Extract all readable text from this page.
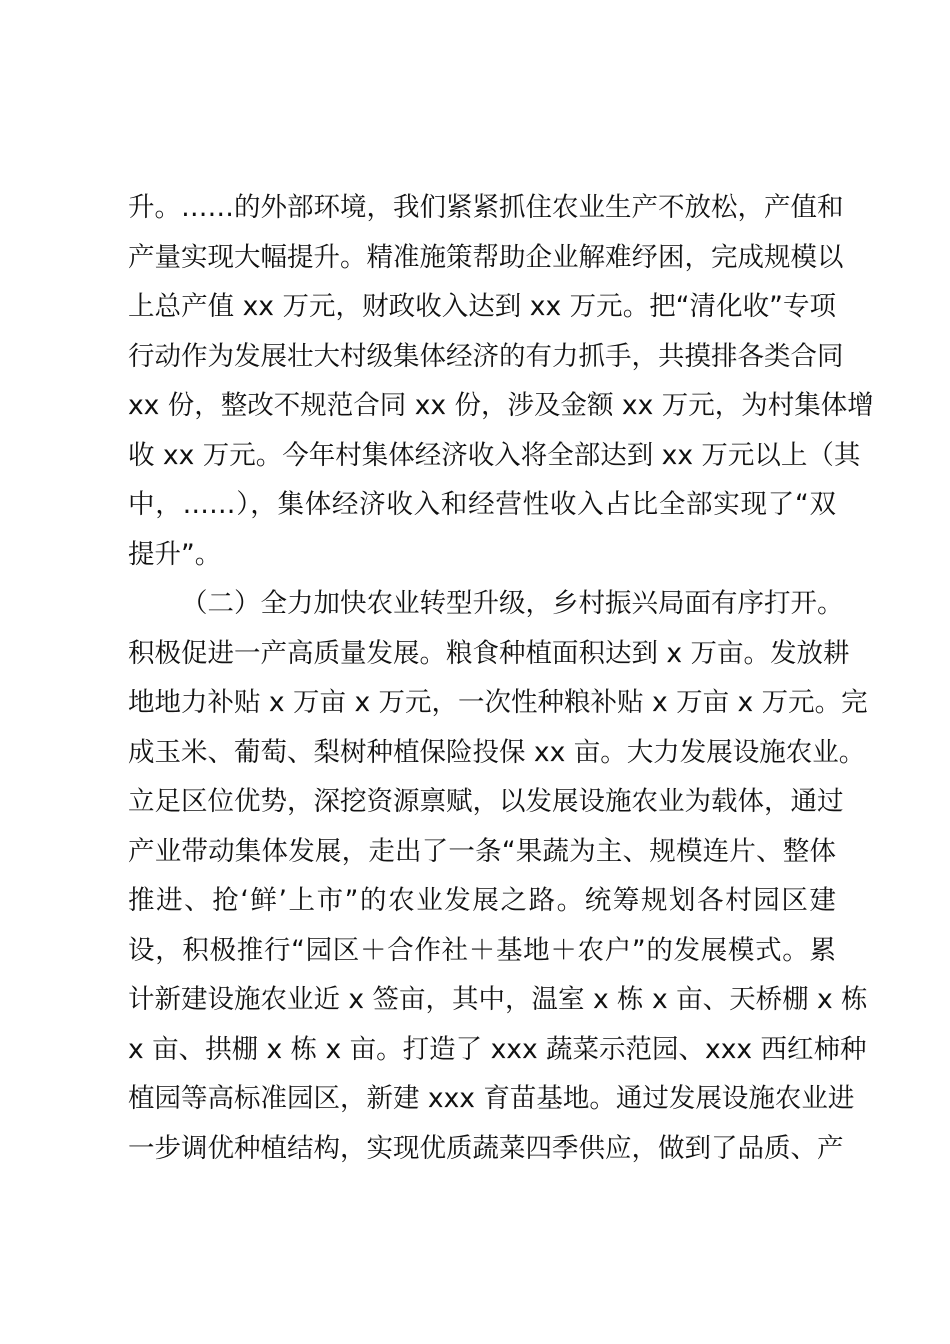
升。……的外部环境，我们紧紧抓住农业生产不放松，产值和
产量实现大幅提升。精准施策帮助企业解难纾困，完成规模以
上总产值 xx 万元，财政收入达到 xx 万元。把“清化收”专项
行动作为发展壮大村级集体经济的有力抓手，共摸排各类合同
xx 份，整改不规范合同 xx 份，涉及金额 xx 万元，为村集体增
收 xx 万元。今年村集体经济收入将全部达到 xx 万元以上（其
中，……），集体经济收入和经营性收入占比全部实现了“双
提升”。
（二）全力加快农业转型升级，乡村振兴局面有序打开。
积极促进一产高质量发展。粮食种植面积达到 x 万亩。发放耕
地地力补贴 x 万亩 x 万元，一次性种粮补贴 x 万亩 x 万元。完
成玉米、葡萄、梨树种植保险投保 xx 亩。大力发展设施农业。
立足区位优势，深挖资源禀赋，以发展设施农业为载体，通过
产业带动集体发展，走出了一条“果蔬为主、规模连片、整体
推进、抢‘鲜’上市”的农业发展之路。统筹规划各村园区建
设，积极推行“园区＋合作社＋基地＋农户”的发展模式。累
计新建设施农业近 x 签亩，其中，温室 x 栋 x 亩、天桥棚 x 栋
x 亩、拱棚 x 栋 x 亩。打造了 xxx 蔬菜示范园、xxx 西红柿种
植园等高标准园区，新建 xxx 育苗基地。通过发展设施农业进
一步调优种植结构，实现优质蔬菜四季供应，做到了品质、产
